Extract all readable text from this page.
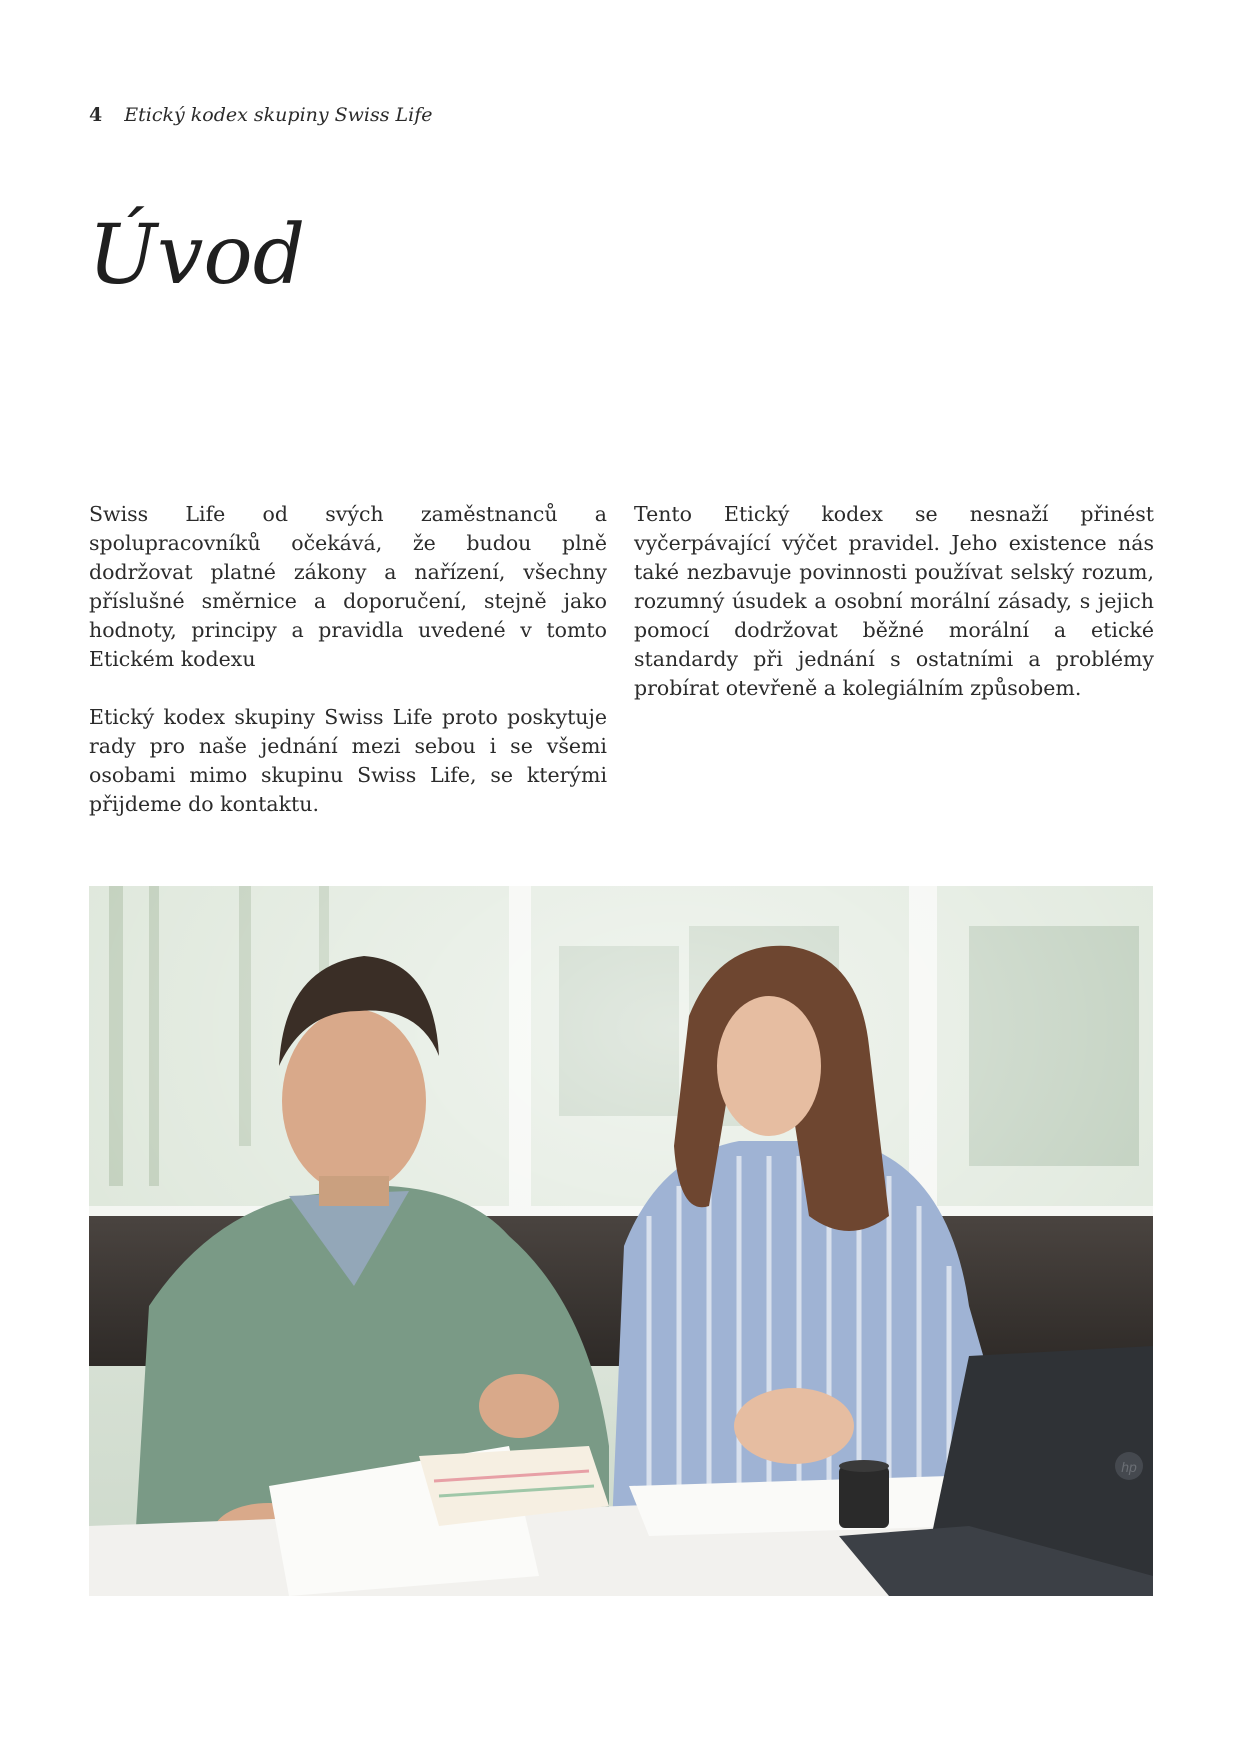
4 Etický kodex skupiny Swiss Life
Úvod

Swiss Life od svých zaměstnanců a spolupracovníků očekává, že budou plně dodržovat platné zákony a nařízení, všechny příslušné směrnice a doporučení, stejně jako hodnoty, principy a pravidla uvedené v tomto Etickém kodexu

Etický kodex skupiny Swiss Life proto poskytuje rady pro naše jednání mezi sebou i se všemi osobami mimo skupinu Swiss Life, se kterými přijdeme do kontaktu.

Tento Etický kodex se nesnaží přinést vyčerpávající výčet pravidel. Jeho existence nás také nezbavuje povinnosti používat selský rozum, rozumný úsudek a osobní morální zásady, s jejich pomocí dodržovat běžné morální a etické standardy při jednání s ostatními a problémy probírat otevřeně a kolegiálním způsobem.

hp
